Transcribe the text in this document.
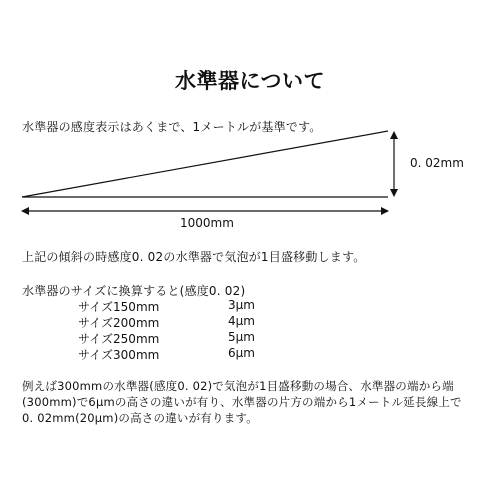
水準器について
水準器の感度表示はあくまで、1メートルが基準です。
0. 02mm
1000mm
上記の傾斜の時感度0. 02の水準器で気泡が1目盛移動します。
水準器のサイズに換算すると(感度0. 02)
サイズ150mm	3μm
サイズ200mm	4μm
サイズ250mm	5μm
サイズ300mm	6μm
例えば300mmの水準器(感度0. 02)で気泡が1目盛移動の場合、水準器の端から端
(300mm)で6μmの高さの違いが有り、水準器の片方の端から1メートル延長線上で
0. 02mm(20μm)の高さの違いが有ります。
